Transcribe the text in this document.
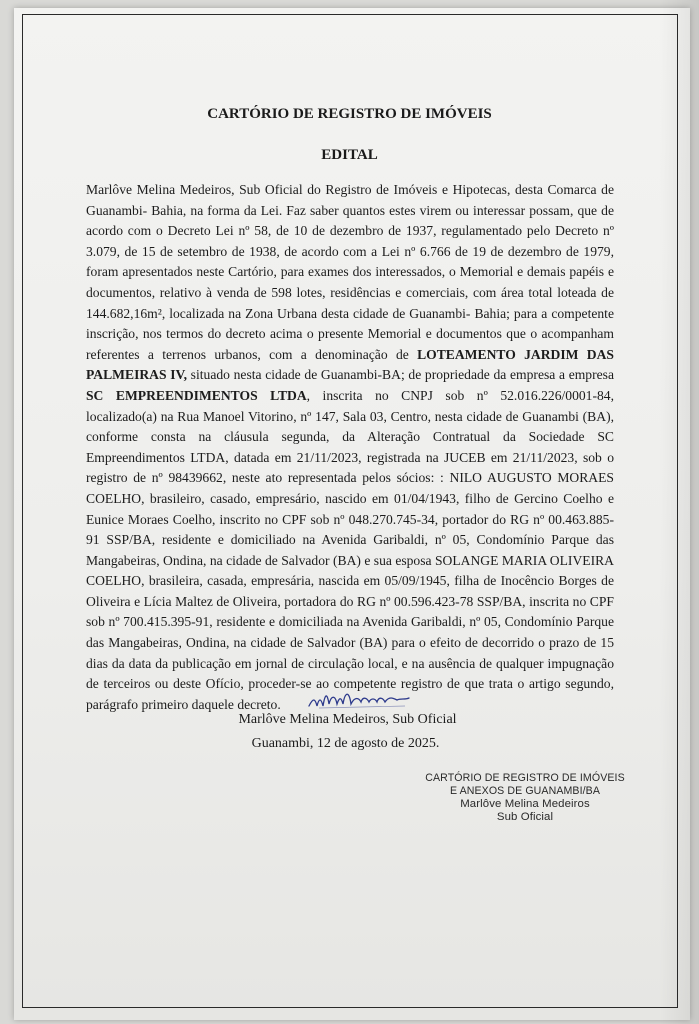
CARTÓRIO DE REGISTRO DE IMÓVEIS
EDITAL

Marlôve Melina Medeiros, Sub Oficial do Registro de Imóveis e Hipotecas, desta Comarca de Guanambi- Bahia, na forma da Lei. Faz saber quantos estes virem ou interessar possam, que de acordo com o Decreto Lei nº 58, de 10 de dezembro de 1937, regulamentado pelo Decreto nº 3.079, de 15 de setembro de 1938, de acordo com a Lei nº 6.766 de 19 de dezembro de 1979, foram apresentados neste Cartório, para exames dos interessados, o Memorial e demais papéis e documentos, relativo à venda de 598 lotes, residências e comerciais, com área total loteada de 144.682,16m², localizada na Zona Urbana desta cidade de Guanambi- Bahia; para a competente inscrição, nos termos do decreto acima o presente Memorial e documentos que o acompanham referentes a terrenos urbanos, com a denominação de LOTEAMENTO JARDIM DAS PALMEIRAS IV, situado nesta cidade de Guanambi-BA; de propriedade da empresa a empresa SC EMPREENDIMENTOS LTDA, inscrita no CNPJ sob nº 52.016.226/0001-84, localizado(a) na Rua Manoel Vitorino, nº 147, Sala 03, Centro, nesta cidade de Guanambi (BA), conforme consta na cláusula segunda, da Alteração Contratual da Sociedade SC Empreendimentos LTDA, datada em 21/11/2023, registrada na JUCEB em 21/11/2023, sob o registro de nº 98439662, neste ato representada pelos sócios: : NILO AUGUSTO MORAES COELHO, brasileiro, casado, empresário, nascido em 01/04/1943, filho de Gercino Coelho e Eunice Moraes Coelho, inscrito no CPF sob nº 048.270.745-34, portador do RG nº 00.463.885-91 SSP/BA, residente e domiciliado na Avenida Garibaldi, nº 05, Condomínio Parque das Mangabeiras, Ondina, na cidade de Salvador (BA) e sua esposa SOLANGE MARIA OLIVEIRA COELHO, brasileira, casada, empresária, nascida em 05/09/1945, filha de Inocêncio Borges de Oliveira e Lícia Maltez de Oliveira, portadora do RG nº 00.596.423-78 SSP/BA, inscrita no CPF sob nº 700.415.395-91, residente e domiciliada na Avenida Garibaldi, nº 05, Condomínio Parque das Mangabeiras, Ondina, na cidade de Salvador (BA) para o efeito de decorrido o prazo de 15 dias da data da publicação em jornal de circulação local, e na ausência de qualquer impugnação de terceiros ou deste Ofício, proceder-se ao competente registro de que trata o artigo segundo, parágrafo primeiro daquele decreto.

Marlôve Melina Medeiros, Sub Oficial
Guanambi, 12 de agosto de 2025.
CARTÓRIO DE REGISTRO DE IMÓVEIS
E ANEXOS DE GUANAMBI/BA
Marlôve Melina Medeiros
Sub Oficial
